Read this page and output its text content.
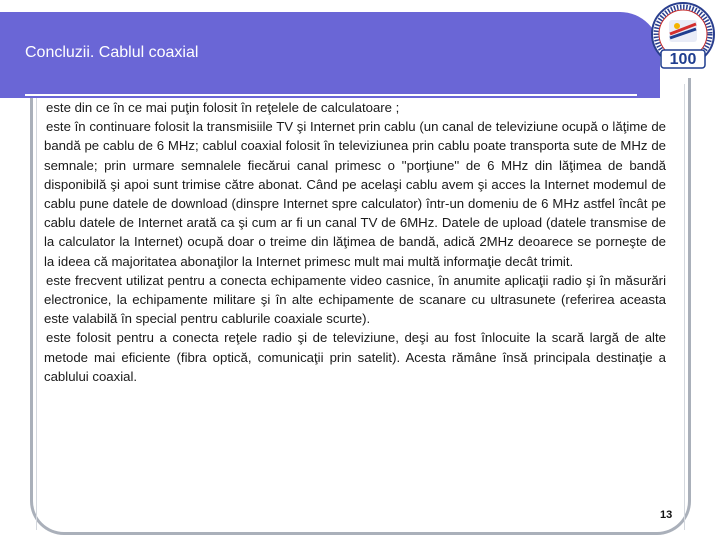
Concluzii. Cablul coaxial	100

este din ce în ce mai puţin folosit în reţelele de calculatoare ;

este în continuare folosit la transmisiile TV şi Internet prin cablu (un canal de televiziune ocupă o lăţime de bandă pe cablu de 6 MHz; cablul coaxial folosit în televiziunea prin cablu poate transporta sute de MHz de semnale; prin urmare semnalele fiecărui canal primesc o ''porţiune'' de 6 MHz din lăţimea de bandă disponibilă şi apoi sunt trimise către abonat. Când pe acelaşi cablu avem şi acces la Internet modemul de cablu pune datele de download (dinspre Internet spre calculator) într-un domeniu de 6 MHz astfel încât pe cablu datele de Internet arată ca şi cum ar fi un canal TV de 6MHz. Datele de upload (datele transmise de la calculator la Internet) ocupă doar o treime din lăţimea de bandă, adică 2MHz deoarece se porneşte de la ideea că majoritatea abonaţilor la Internet primesc mult mai multă informaţie decât trimit.

este frecvent utilizat pentru a conecta echipamente video casnice, în anumite aplicaţii radio şi în măsurări electronice, la echipamente militare şi în alte echipamente de scanare cu ultrasunete (referirea aceasta este valabilă în special pentru cablurile coaxiale scurte).

este folosit pentru a conecta reţele radio şi de televiziune, deşi au fost înlocuite la scară largă de alte metode mai eficiente (fibra optică, comunicaţii prin satelit). Acesta rămâne însă principala destinaţie a cablului coaxial.

13
